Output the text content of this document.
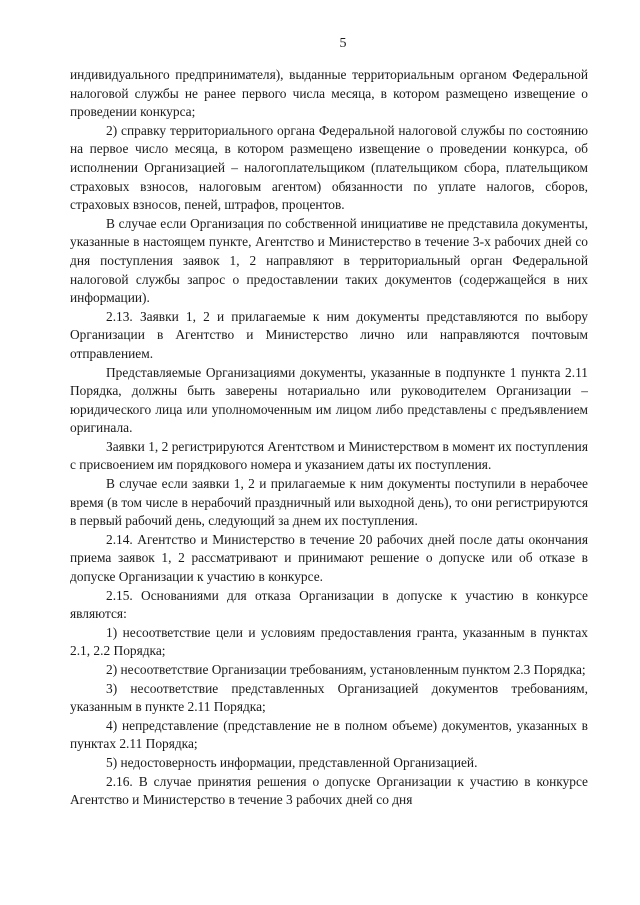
5

индивидуального предпринимателя), выданные территориальным органом Федеральной налоговой службы не ранее первого числа месяца, в котором размещено извещение о проведении конкурса;

2) справку территориального органа Федеральной налоговой службы по состоянию на первое число месяца, в котором размещено извещение о проведении конкурса, об исполнении Организацией – налогоплательщиком (плательщиком сбора, плательщиком страховых взносов, налоговым агентом) обязанности по уплате налогов, сборов, страховых взносов, пеней, штрафов, процентов.

В случае если Организация по собственной инициативе не представила документы, указанные в настоящем пункте, Агентство и Министерство в течение 3-х рабочих дней со дня поступления заявок 1, 2 направляют в территориальный орган Федеральной налоговой службы запрос о предоставлении таких документов (содержащейся в них информации).

2.13. Заявки 1, 2 и прилагаемые к ним документы представляются по выбору Организации в Агентство и Министерство лично или направляются почтовым отправлением.

Представляемые Организациями документы, указанные в подпункте 1 пункта 2.11 Порядка, должны быть заверены нотариально или руководителем Организации – юридического лица или уполномоченным им лицом либо представлены с предъявлением оригинала.

Заявки 1, 2 регистрируются Агентством и Министерством в момент их поступления с присвоением им порядкового номера и указанием даты их поступления.

В случае если заявки 1, 2 и прилагаемые к ним документы поступили в нерабочее время (в том числе в нерабочий праздничный или выходной день), то они регистрируются в первый рабочий день, следующий за днем их поступления.

2.14. Агентство и Министерство в течение 20 рабочих дней после даты окончания приема заявок 1, 2 рассматривают и принимают решение о допуске или об отказе в допуске Организации к участию в конкурсе.

2.15. Основаниями для отказа Организации в допуске к участию в конкурсе являются:

1) несоответствие цели и условиям предоставления гранта, указанным в пунктах 2.1, 2.2 Порядка;

2) несоответствие Организации требованиям, установленным пунктом 2.3 Порядка;

3) несоответствие представленных Организацией документов требованиям, указанным в пункте 2.11 Порядка;

4) непредставление (представление не в полном объеме) документов, указанных в пунктах 2.11 Порядка;

5) недостоверность информации, представленной Организацией.

2.16. В случае принятия решения о допуске Организации к участию в конкурсе Агентство и Министерство в течение 3 рабочих дней со дня
